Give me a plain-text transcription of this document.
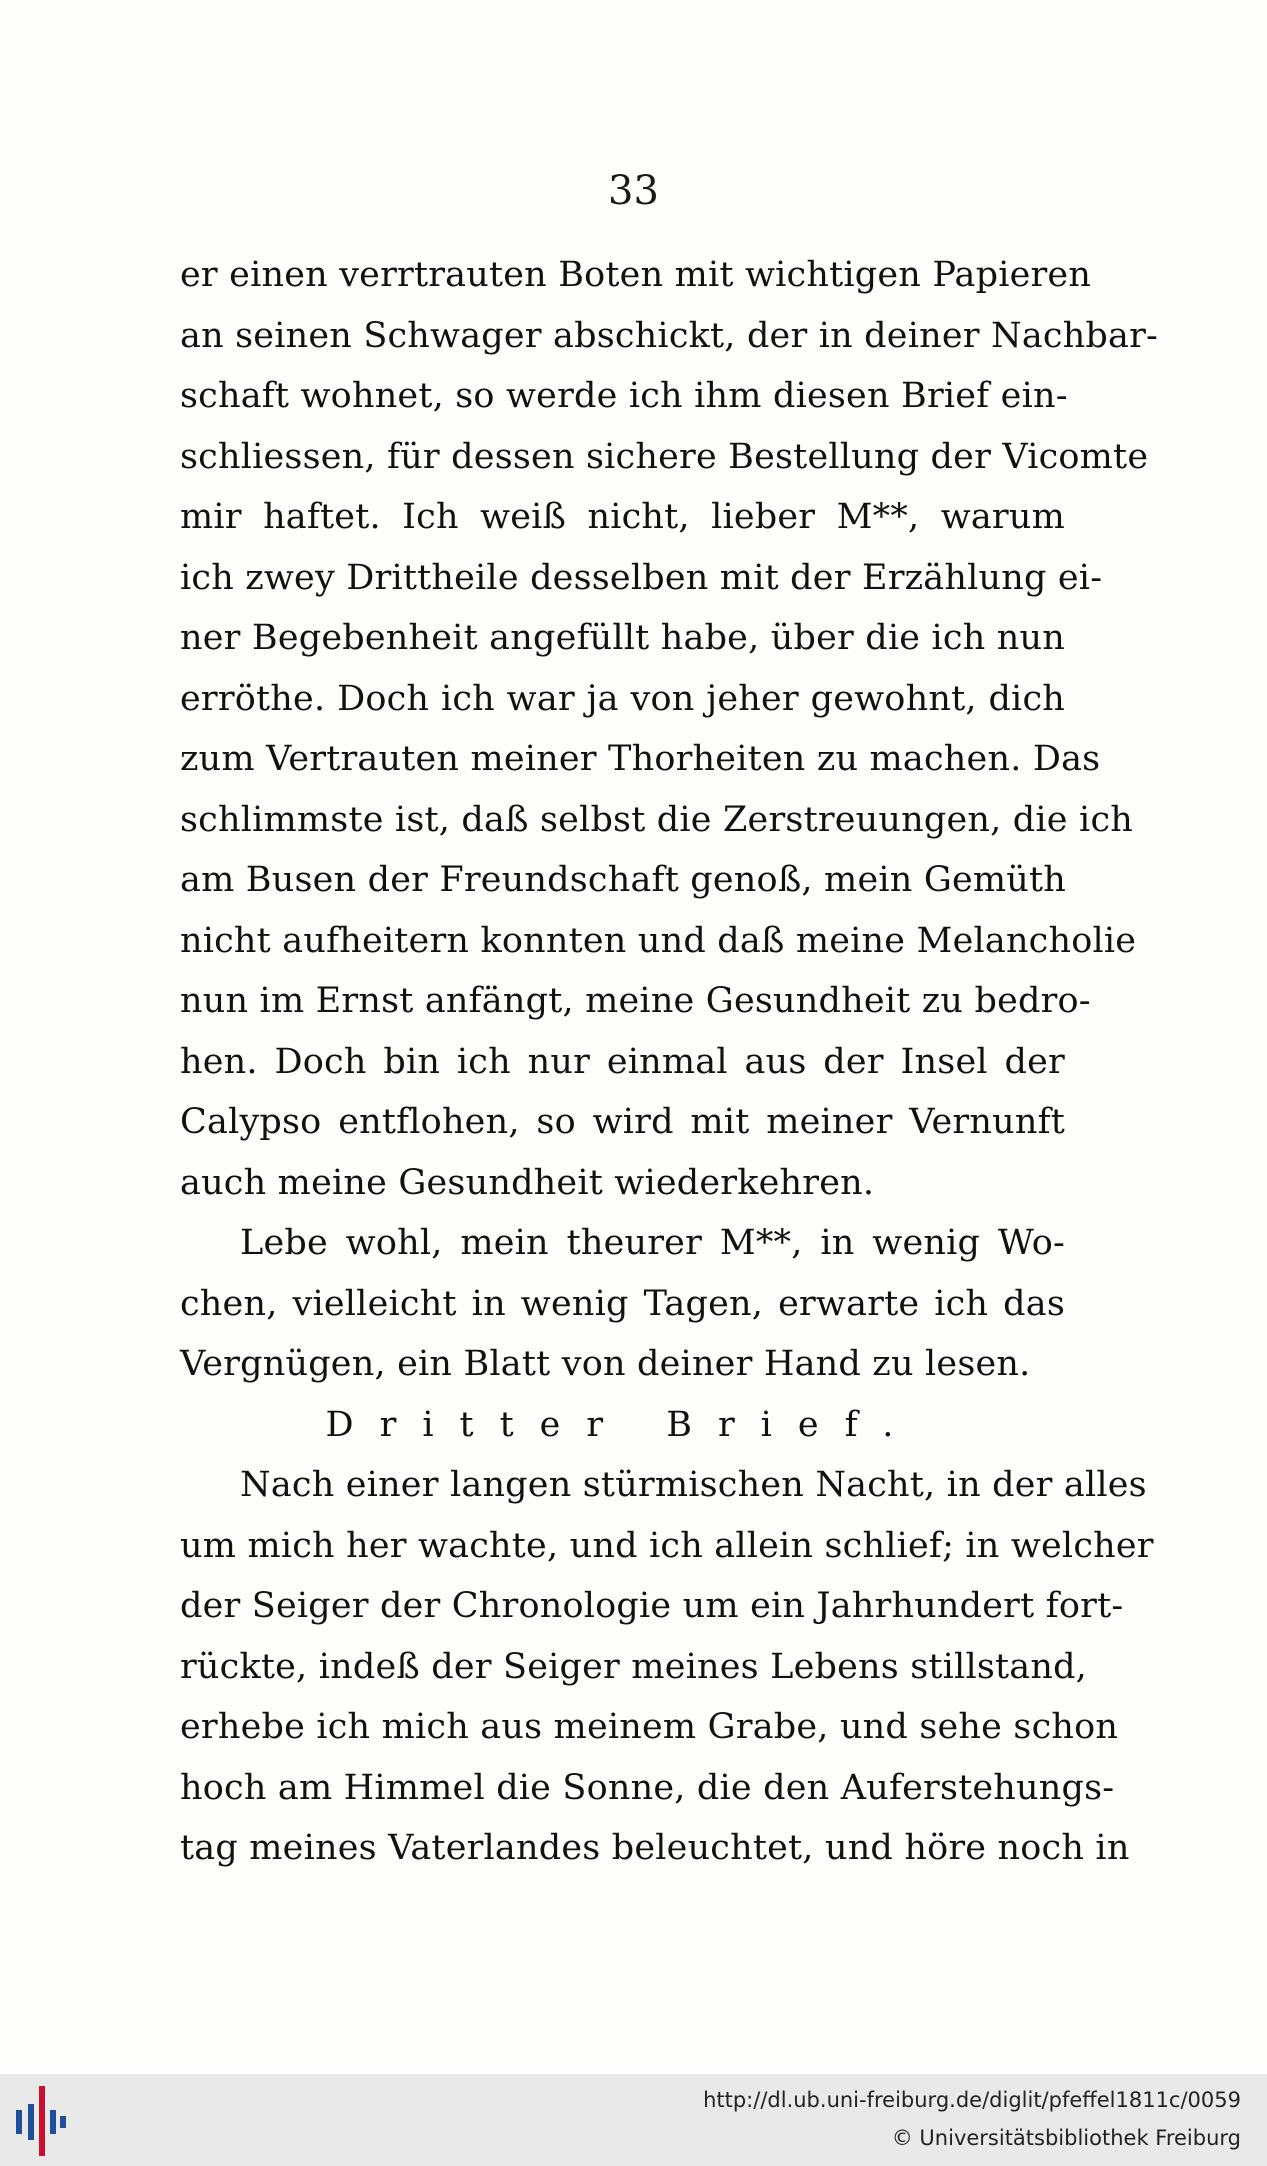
33
er einen verrtrauten Boten mit wichtigen Papieren
an seinen Schwager abschickt, der in deiner Nachbar-
schaft wohnet, so werde ich ihm diesen Brief ein-
schliessen, für dessen sichere Bestellung der Vicomte
mir haftet. Ich weiß nicht, lieber M**, warum
ich zwey Drittheile desselben mit der Erzählung ei-
ner Begebenheit angefüllt habe, über die ich nun
erröthe. Doch ich war ja von jeher gewohnt, dich
zum Vertrauten meiner Thorheiten zu machen. Das
schlimmste ist, daß selbst die Zerstreuungen, die ich
am Busen der Freundschaft genoß, mein Gemüth
nicht aufheitern konnten und daß meine Melancholie
nun im Ernst anfängt, meine Gesundheit zu bedro-
hen. Doch bin ich nur einmal aus der Insel der
Calypso entflohen, so wird mit meiner Vernunft
auch meine Gesundheit wiederkehren.
Lebe wohl, mein theurer M**, in wenig Wo-
chen, vielleicht in wenig Tagen, erwarte ich das
Vergnügen, ein Blatt von deiner Hand zu lesen.
Dritter Brief.
Nach einer langen stürmischen Nacht, in der alles
um mich her wachte, und ich allein schlief; in welcher
der Seiger der Chronologie um ein Jahrhundert fort-
rückte, indeß der Seiger meines Lebens stillstand,
erhebe ich mich aus meinem Grabe, und sehe schon
hoch am Himmel die Sonne, die den Auferstehungs-
tag meines Vaterlandes beleuchtet, und höre noch in
http://dl.ub.uni-freiburg.de/diglit/pfeffel1811c/0059
© Universitätsbibliothek Freiburg
